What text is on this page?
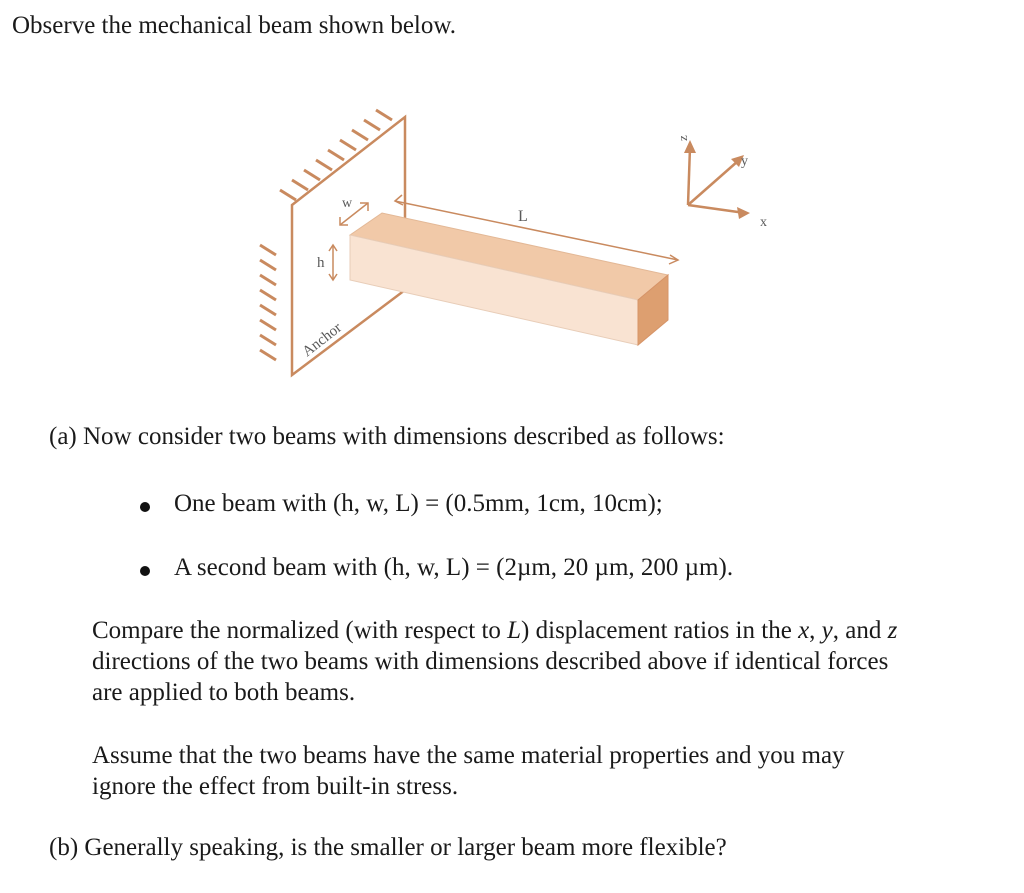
Observe the mechanical beam shown below.

w
h
L
Anchor
z
y
x

(a) Now consider two beams with dimensions described as follows:

One beam with (h, w, L) = (0.5mm, 1cm, 10cm);

A second beam with (h, w, L) = (2µm, 20 µm, 200 µm).

Compare the normalized (with respect to L) displacement ratios in the x, y, and z

directions of the two beams with dimensions described above if identical forces

are applied to both beams.

Assume that the two beams have the same material properties and you may

ignore the effect from built-in stress.

(b) Generally speaking, is the smaller or larger beam more flexible?
